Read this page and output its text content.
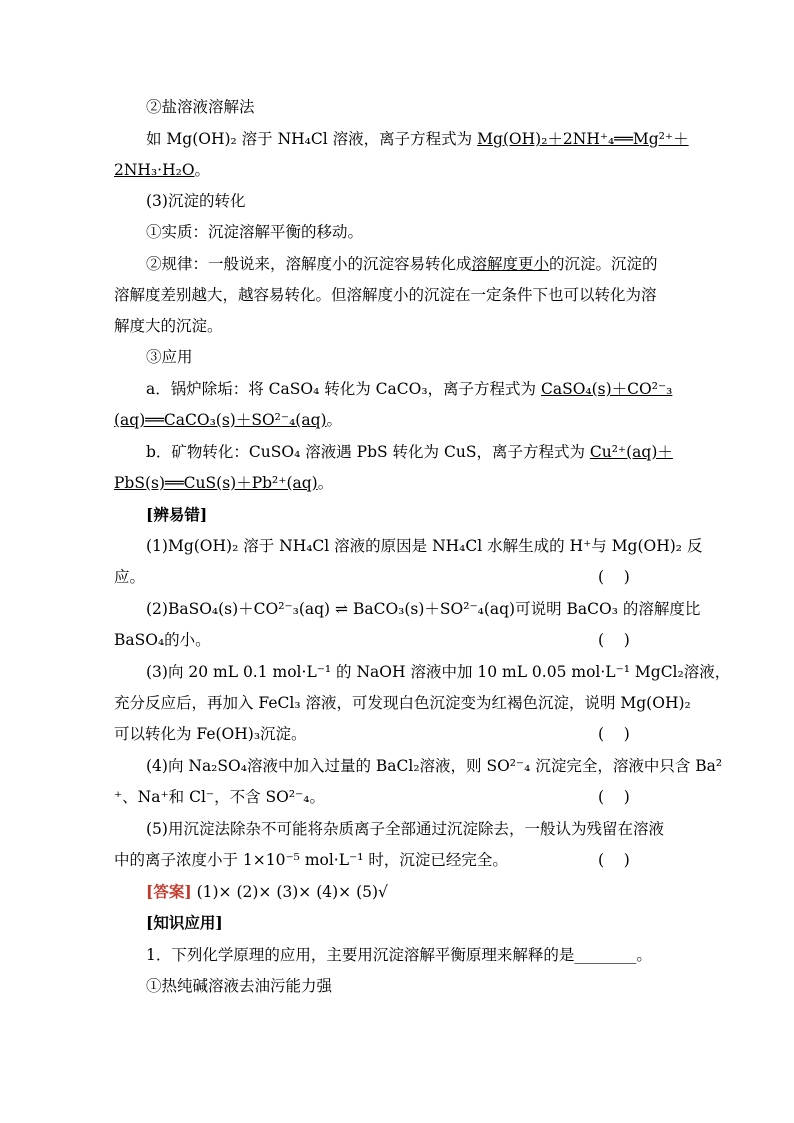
②盐溶液溶解法
如 Mg(OH)₂ 溶于 NH₄Cl 溶液，离子方程式为 Mg(OH)₂＋2NH⁺₄══Mg²⁺＋
2NH₃·H₂O。
(3)沉淀的转化
①实质：沉淀溶解平衡的移动。
②规律：一般说来，溶解度小的沉淀容易转化成溶解度更小的沉淀。沉淀的
溶解度差别越大，越容易转化。但溶解度小的沉淀在一定条件下也可以转化为溶
解度大的沉淀。
③应用
a．锅炉除垢：将 CaSO₄ 转化为 CaCO₃，离子方程式为 CaSO₄(s)＋CO²⁻₃
(aq)══CaCO₃(s)＋SO²⁻₄(aq)。
b．矿物转化：CuSO₄ 溶液遇 PbS 转化为 CuS，离子方程式为 Cu²⁺(aq)＋
PbS(s)══CuS(s)＋Pb²⁺(aq)。
[辨易错]
(1)Mg(OH)₂ 溶于 NH₄Cl 溶液的原因是 NH₄Cl 水解生成的 H⁺与 Mg(OH)₂ 反
应。	(    )
(2)BaSO₄(s)＋CO²⁻₃(aq) ⇌ BaCO₃(s)＋SO²⁻₄(aq)可说明 BaCO₃ 的溶解度比
BaSO₄的小。	(    )
(3)向 20 mL 0.1 mol·L⁻¹ 的 NaOH 溶液中加 10 mL 0.05 mol·L⁻¹ MgCl₂溶液，
充分反应后，再加入 FeCl₃ 溶液，可发现白色沉淀变为红褐色沉淀，说明 Mg(OH)₂
可以转化为 Fe(OH)₃沉淀。	(    )
(4)向 Na₂SO₄溶液中加入过量的 BaCl₂溶液，则 SO²⁻₄ 沉淀完全，溶液中只含 Ba²
⁺、Na⁺和 Cl⁻，不含 SO²⁻₄。	(    )
(5)用沉淀法除杂不可能将杂质离子全部通过沉淀除去，一般认为残留在溶液
中的离子浓度小于 1×10⁻⁵ mol·L⁻¹ 时，沉淀已经完全。	(    )
[答案] (1)× (2)× (3)× (4)× (5)√
[知识应用]
1．下列化学原理的应用，主要用沉淀溶解平衡原理来解释的是________。
①热纯碱溶液去油污能力强
